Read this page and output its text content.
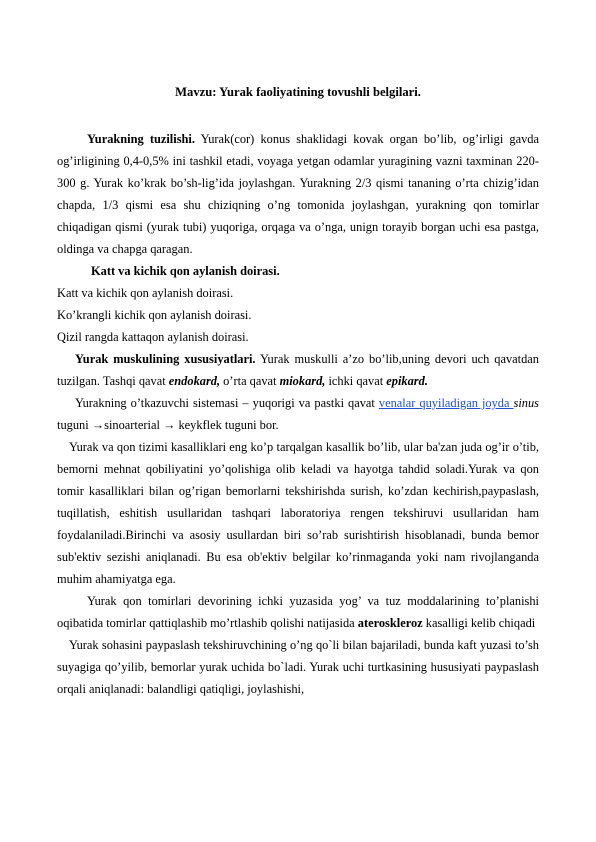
Mavzu: Yurak faoliyatining tovushli belgilari.

Yurakning tuzilishi. Yurak(cor) konus shaklidagi kovak organ bo’lib, og’irligi gavda og’irligining 0,4-0,5% ini tashkil etadi, voyaga yetgan odamlar yuragining vazni taxminan 220-300 g. Yurak ko’krak bo’sh-lig’ida joylashgan. Yurakning 2/3 qismi tananing o’rta chizig’idan chapda, 1/3 qismi esa shu chiziqning o’ng tomonida joylashgan, yurakning qon tomirlar chiqadigan qismi (yurak tubi) yuqoriga, orqaga va o’nga, unign torayib borgan uchi esa pastga, oldinga va chapga qaragan.

Katt va kichik qon aylanish doirasi.

Katt va kichik qon aylanish doirasi.

Ko’krangli kichik qon aylanish doirasi.

Qizil rangda kattaqon aylanish doirasi.

Yurak muskulining xususiyatlari. Yurak muskulli a’zo bo’lib,uning devori uch qavatdan tuzilgan. Tashqi qavat endokard, o’rta qavat miokard, ichki qavat epikard.

Yurakning o’tkazuvchi sistemasi – yuqorigi va pastki qavat venalar quyiladigan joyda sinus tuguni →sinoarterial → keykflek tuguni bor.

Yurak va qon tizimi kasalliklari eng ko’p tarqalgan kasallik bo’lib, ular ba'zan juda og’ir o’tib, bemorni mehnat qobiliyatini yo’qolishiga olib keladi va hayotga tahdid soladi.Yurak va qon tomir kasalliklari bilan og’rigan bemorlarni tekshirishda surish, ko’zdan kechirish,paypaslash, tuqillatish, eshitish usullaridan tashqari laboratoriya rengen tekshiruvi usullaridan ham foydalaniladi.Birinchi va asosiy usullardan biri so’rab surishtirish hisoblanadi, bunda bemor sub'ektiv sezishi aniqlanadi. Bu esa ob'ektiv belgilar ko’rinmaganda yoki nam rivojlanganda muhim ahamiyatga ega.

Yurak qon tomirlari devorining ichki yuzasida yog’ va tuz moddalarining to’planishi oqibatida tomirlar qattiqlashib mo’rtlashib qolishi natijasida ateroskleroz kasalligi kelib chiqadi

Yurak sohasini paypaslash tekshiruvchining o’ng qo`li bilan bajariladi, bunda kaft yuzasi to’sh suyagiga qo’yilib, bemorlar yurak uchida bo`ladi. Yurak uchi turtkasining hususiyati paypaslash orqali aniqlanadi: balandligi qatiqligi, joylashishi,
